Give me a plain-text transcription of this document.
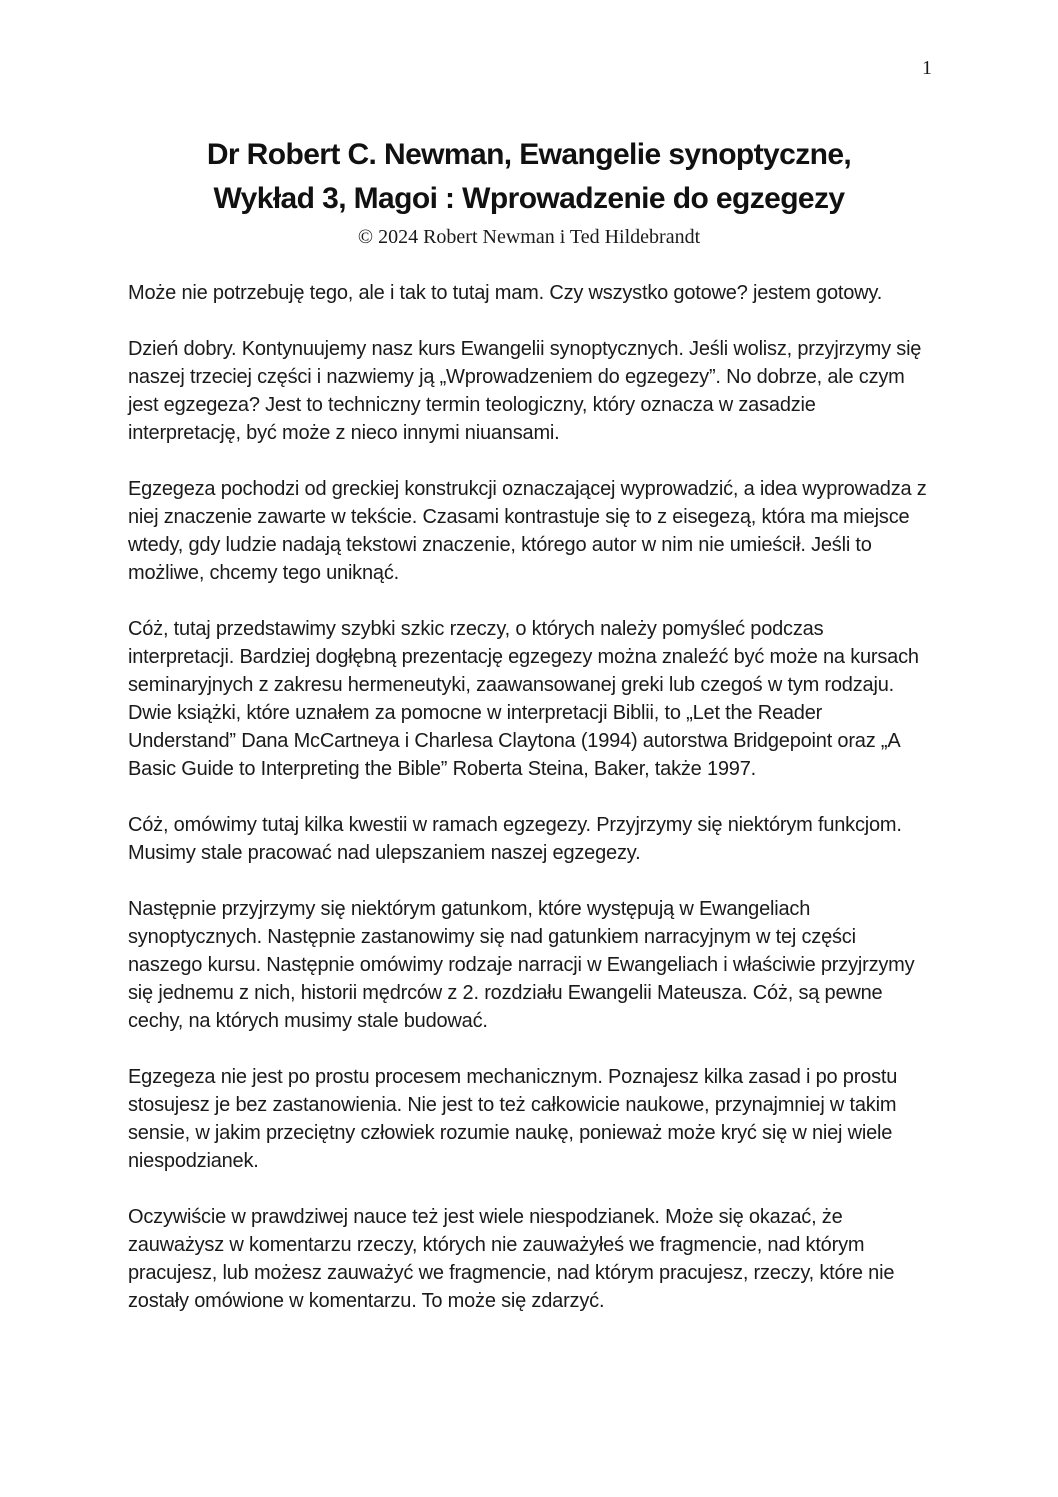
1
Dr Robert C. Newman, Ewangelie synoptyczne,
Wykład 3, Magoi : Wprowadzenie do egzegezy
© 2024 Robert Newman i Ted Hildebrandt

Może nie potrzebuję tego, ale i tak to tutaj mam. Czy wszystko gotowe? jestem gotowy.

Dzień dobry. Kontynuujemy nasz kurs Ewangelii synoptycznych. Jeśli wolisz, przyjrzymy się naszej trzeciej części i nazwiemy ją „Wprowadzeniem do egzegezy”. No dobrze, ale czym jest egzegeza? Jest to techniczny termin teologiczny, który oznacza w zasadzie interpretację, być może z nieco innymi niuansami.

Egzegeza pochodzi od greckiej konstrukcji oznaczającej wyprowadzić, a idea wyprowadza z niej znaczenie zawarte w tekście. Czasami kontrastuje się to z eisegezą, która ma miejsce wtedy, gdy ludzie nadają tekstowi znaczenie, którego autor w nim nie umieścił. Jeśli to możliwe, chcemy tego uniknąć.

Cóż, tutaj przedstawimy szybki szkic rzeczy, o których należy pomyśleć podczas interpretacji. Bardziej dogłębną prezentację egzegezy można znaleźć być może na kursach seminaryjnych z zakresu hermeneutyki, zaawansowanej greki lub czegoś w tym rodzaju. Dwie książki, które uznałem za pomocne w interpretacji Biblii, to „Let the Reader Understand” Dana McCartneya i Charlesa Claytona (1994) autorstwa Bridgepoint oraz „A Basic Guide to Interpreting the Bible” Roberta Steina, Baker, także 1997.

Cóż, omówimy tutaj kilka kwestii w ramach egzegezy. Przyjrzymy się niektórym funkcjom. Musimy stale pracować nad ulepszaniem naszej egzegezy.

Następnie przyjrzymy się niektórym gatunkom, które występują w Ewangeliach synoptycznych. Następnie zastanowimy się nad gatunkiem narracyjnym w tej części naszego kursu. Następnie omówimy rodzaje narracji w Ewangeliach i właściwie przyjrzymy się jednemu z nich, historii mędrców z 2. rozdziału Ewangelii Mateusza. Cóż, są pewne cechy, na których musimy stale budować.

Egzegeza nie jest po prostu procesem mechanicznym. Poznajesz kilka zasad i po prostu stosujesz je bez zastanowienia. Nie jest to też całkowicie naukowe, przynajmniej w takim sensie, w jakim przeciętny człowiek rozumie naukę, ponieważ może kryć się w niej wiele niespodzianek.

Oczywiście w prawdziwej nauce też jest wiele niespodzianek. Może się okazać, że zauważysz w komentarzu rzeczy, których nie zauważyłeś we fragmencie, nad którym pracujesz, lub możesz zauważyć we fragmencie, nad którym pracujesz, rzeczy, które nie zostały omówione w komentarzu. To może się zdarzyć.
